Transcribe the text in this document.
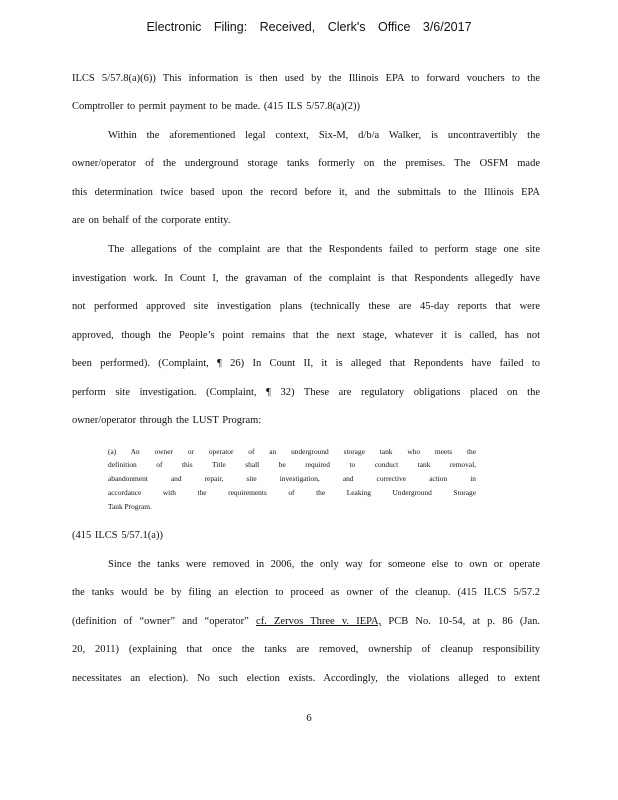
Electronic Filing: Received, Clerk's Office 3/6/2017
ILCS 5/57.8(a)(6)) This information is then used by the Illinois EPA to forward vouchers to the
Comptroller to permit payment to be made. (415 ILS 5/57.8(a)(2))
Within the aforementioned legal context, Six-M, d/b/a Walker, is uncontravertibly the
owner/operator of the underground storage tanks formerly on the premises. The OSFM made
this determination twice based upon the record before it, and the submittals to the Illinois EPA
are on behalf of the corporate entity.
The allegations of the complaint are that the Respondents failed to perform stage one site
investigation work. In Count I, the gravaman of the complaint is that Respondents allegedly have
not performed approved site investigation plans (technically these are 45-day reports that were
approved, though the People’s point remains that the next stage, whatever it is called, has not
been performed). (Complaint, ¶ 26) In Count II, it is alleged that Repondents have failed to
perform site investigation. (Complaint, ¶ 32) These are regulatory obligations placed on the
owner/operator through the LUST Program:
(a) An owner or operator of an underground storage tank who meets the
definition of this Title shall be required to conduct tank removal,
abandonment and repair, site investigation, and corrective action in
accordance with the requirements of the Leaking Underground Storage
Tank Program.
(415 ILCS 5/57.1(a))
Since the tanks were removed in 2006, the only way for someone else to own or operate
the tanks would be by filing an election to proceed as owner of the cleanup. (415 ILCS 5/57.2
(definition of “owner” and “operator” cf. Zervos Three v. IEPA, PCB No. 10-54, at p. 86 (Jan.
20, 2011) (explaining that once the tanks are removed, ownership of cleanup responsibility
necessitates an election). No such election exists. Accordingly, the violations alleged to extent
6
